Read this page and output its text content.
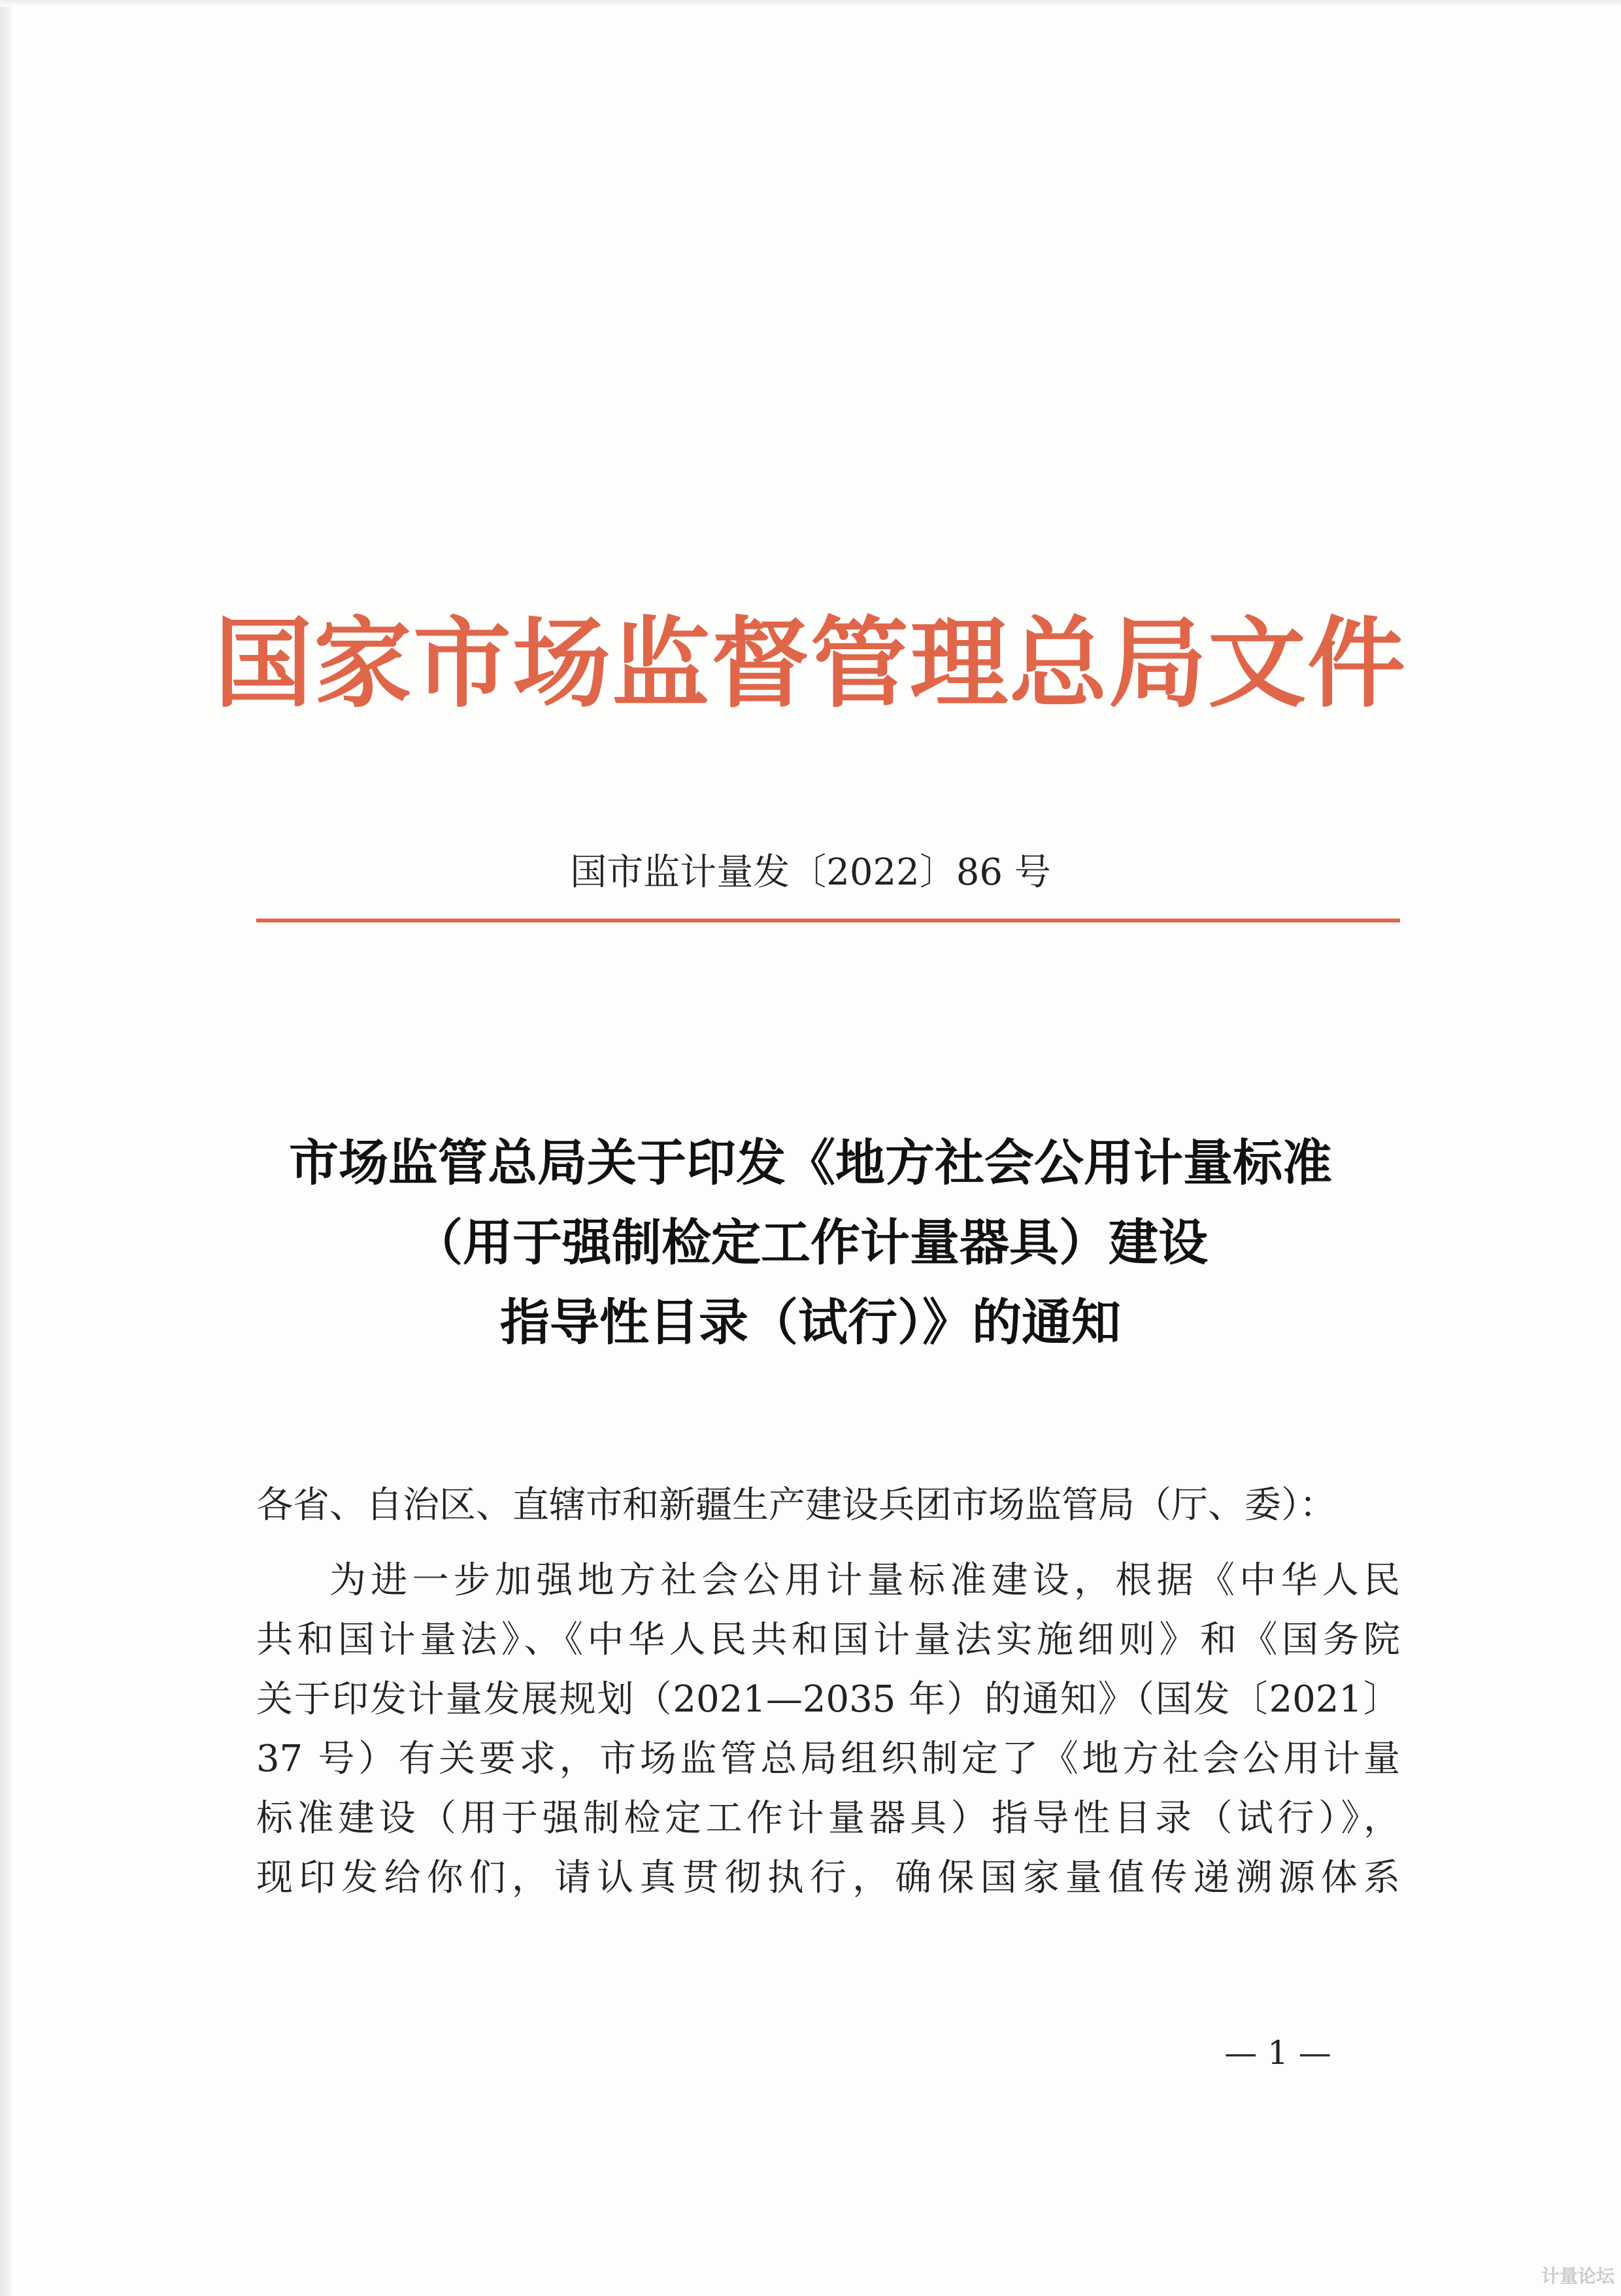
国家市场监督管理总局文件
国市监计量发〔2022〕86 号
市场监管总局关于印发《地方社会公用计量标准
（用于强制检定工作计量器具）建设
指导性目录（试行）》的通知
各省、自治区、直辖市和新疆生产建设兵团市场监管局（厅、委）：
为进一步加强地方社会公用计量标准建设，根据《中华人民
共和国计量法》、《中华人民共和国计量法实施细则》和《国务院
关于印发计量发展规划（2021—2035 年）的通知》（国发〔2021〕
37 号）有关要求，市场监管总局组织制定了《地方社会公用计量
标准建设（用于强制检定工作计量器具）指导性目录（试行）》，
现印发给你们，请认真贯彻执行，确保国家量值传递溯源体系
— 1 —
计量论坛
